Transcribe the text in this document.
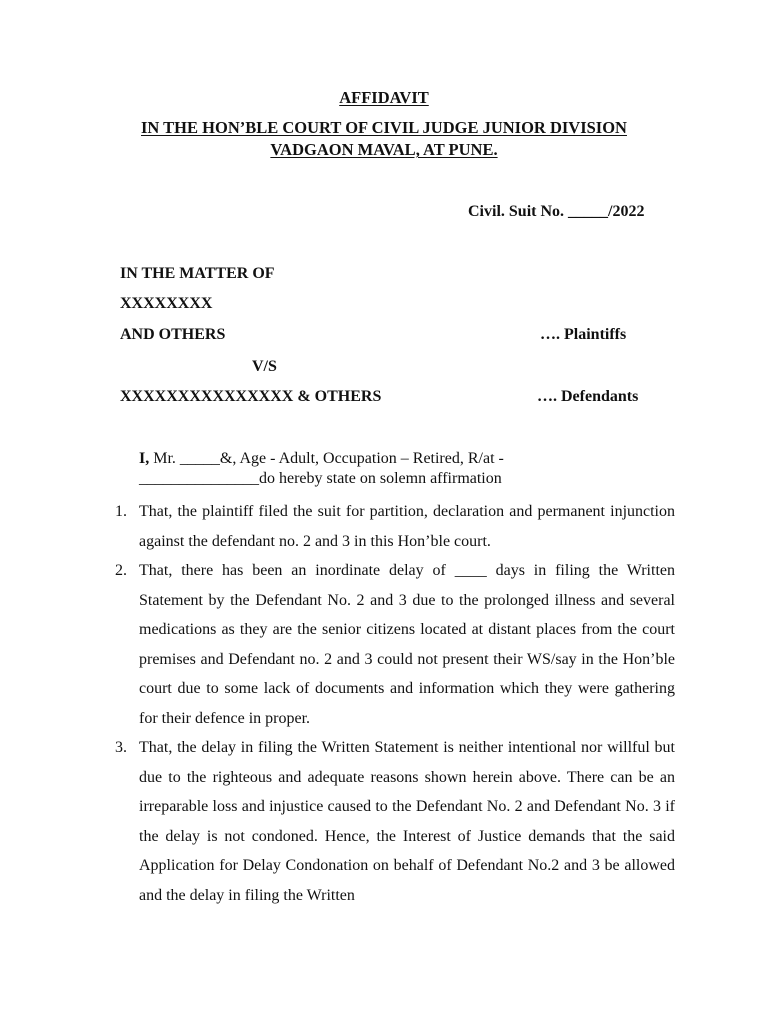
AFFIDAVIT
IN THE HON’BLE COURT OF CIVIL JUDGE JUNIOR DIVISION
VADGAON MAVAL, AT PUNE.
Civil. Suit No. _____/2022
IN THE MATTER OF
XXXXXXXX
AND OTHERS	…. Plaintiffs
V/S
XXXXXXXXXXXXXXX & OTHERS	…. Defendants
I, Mr. _____&, Age - Adult, Occupation – Retired, R/at -
_______________do hereby state on solemn affirmation
1. That, the plaintiff filed the suit for partition, declaration and permanent injunction against the defendant no. 2 and 3 in this Hon’ble court.
2. That, there has been an inordinate delay of ____ days in filing the Written Statement by the Defendant No. 2 and 3 due to the prolonged illness and several medications as they are the senior citizens located at distant places from the court premises and Defendant no. 2 and 3 could not present their WS/say in the Hon’ble court due to some lack of documents and information which they were gathering for their defence in proper.
3. That, the delay in filing the Written Statement is neither intentional nor willful but due to the righteous and adequate reasons shown herein above. There can be an irreparable loss and injustice caused to the Defendant No. 2 and Defendant No. 3 if the delay is not condoned. Hence, the Interest of Justice demands that the said Application for Delay Condonation on behalf of Defendant No.2 and 3 be allowed and the delay in filing the Written
